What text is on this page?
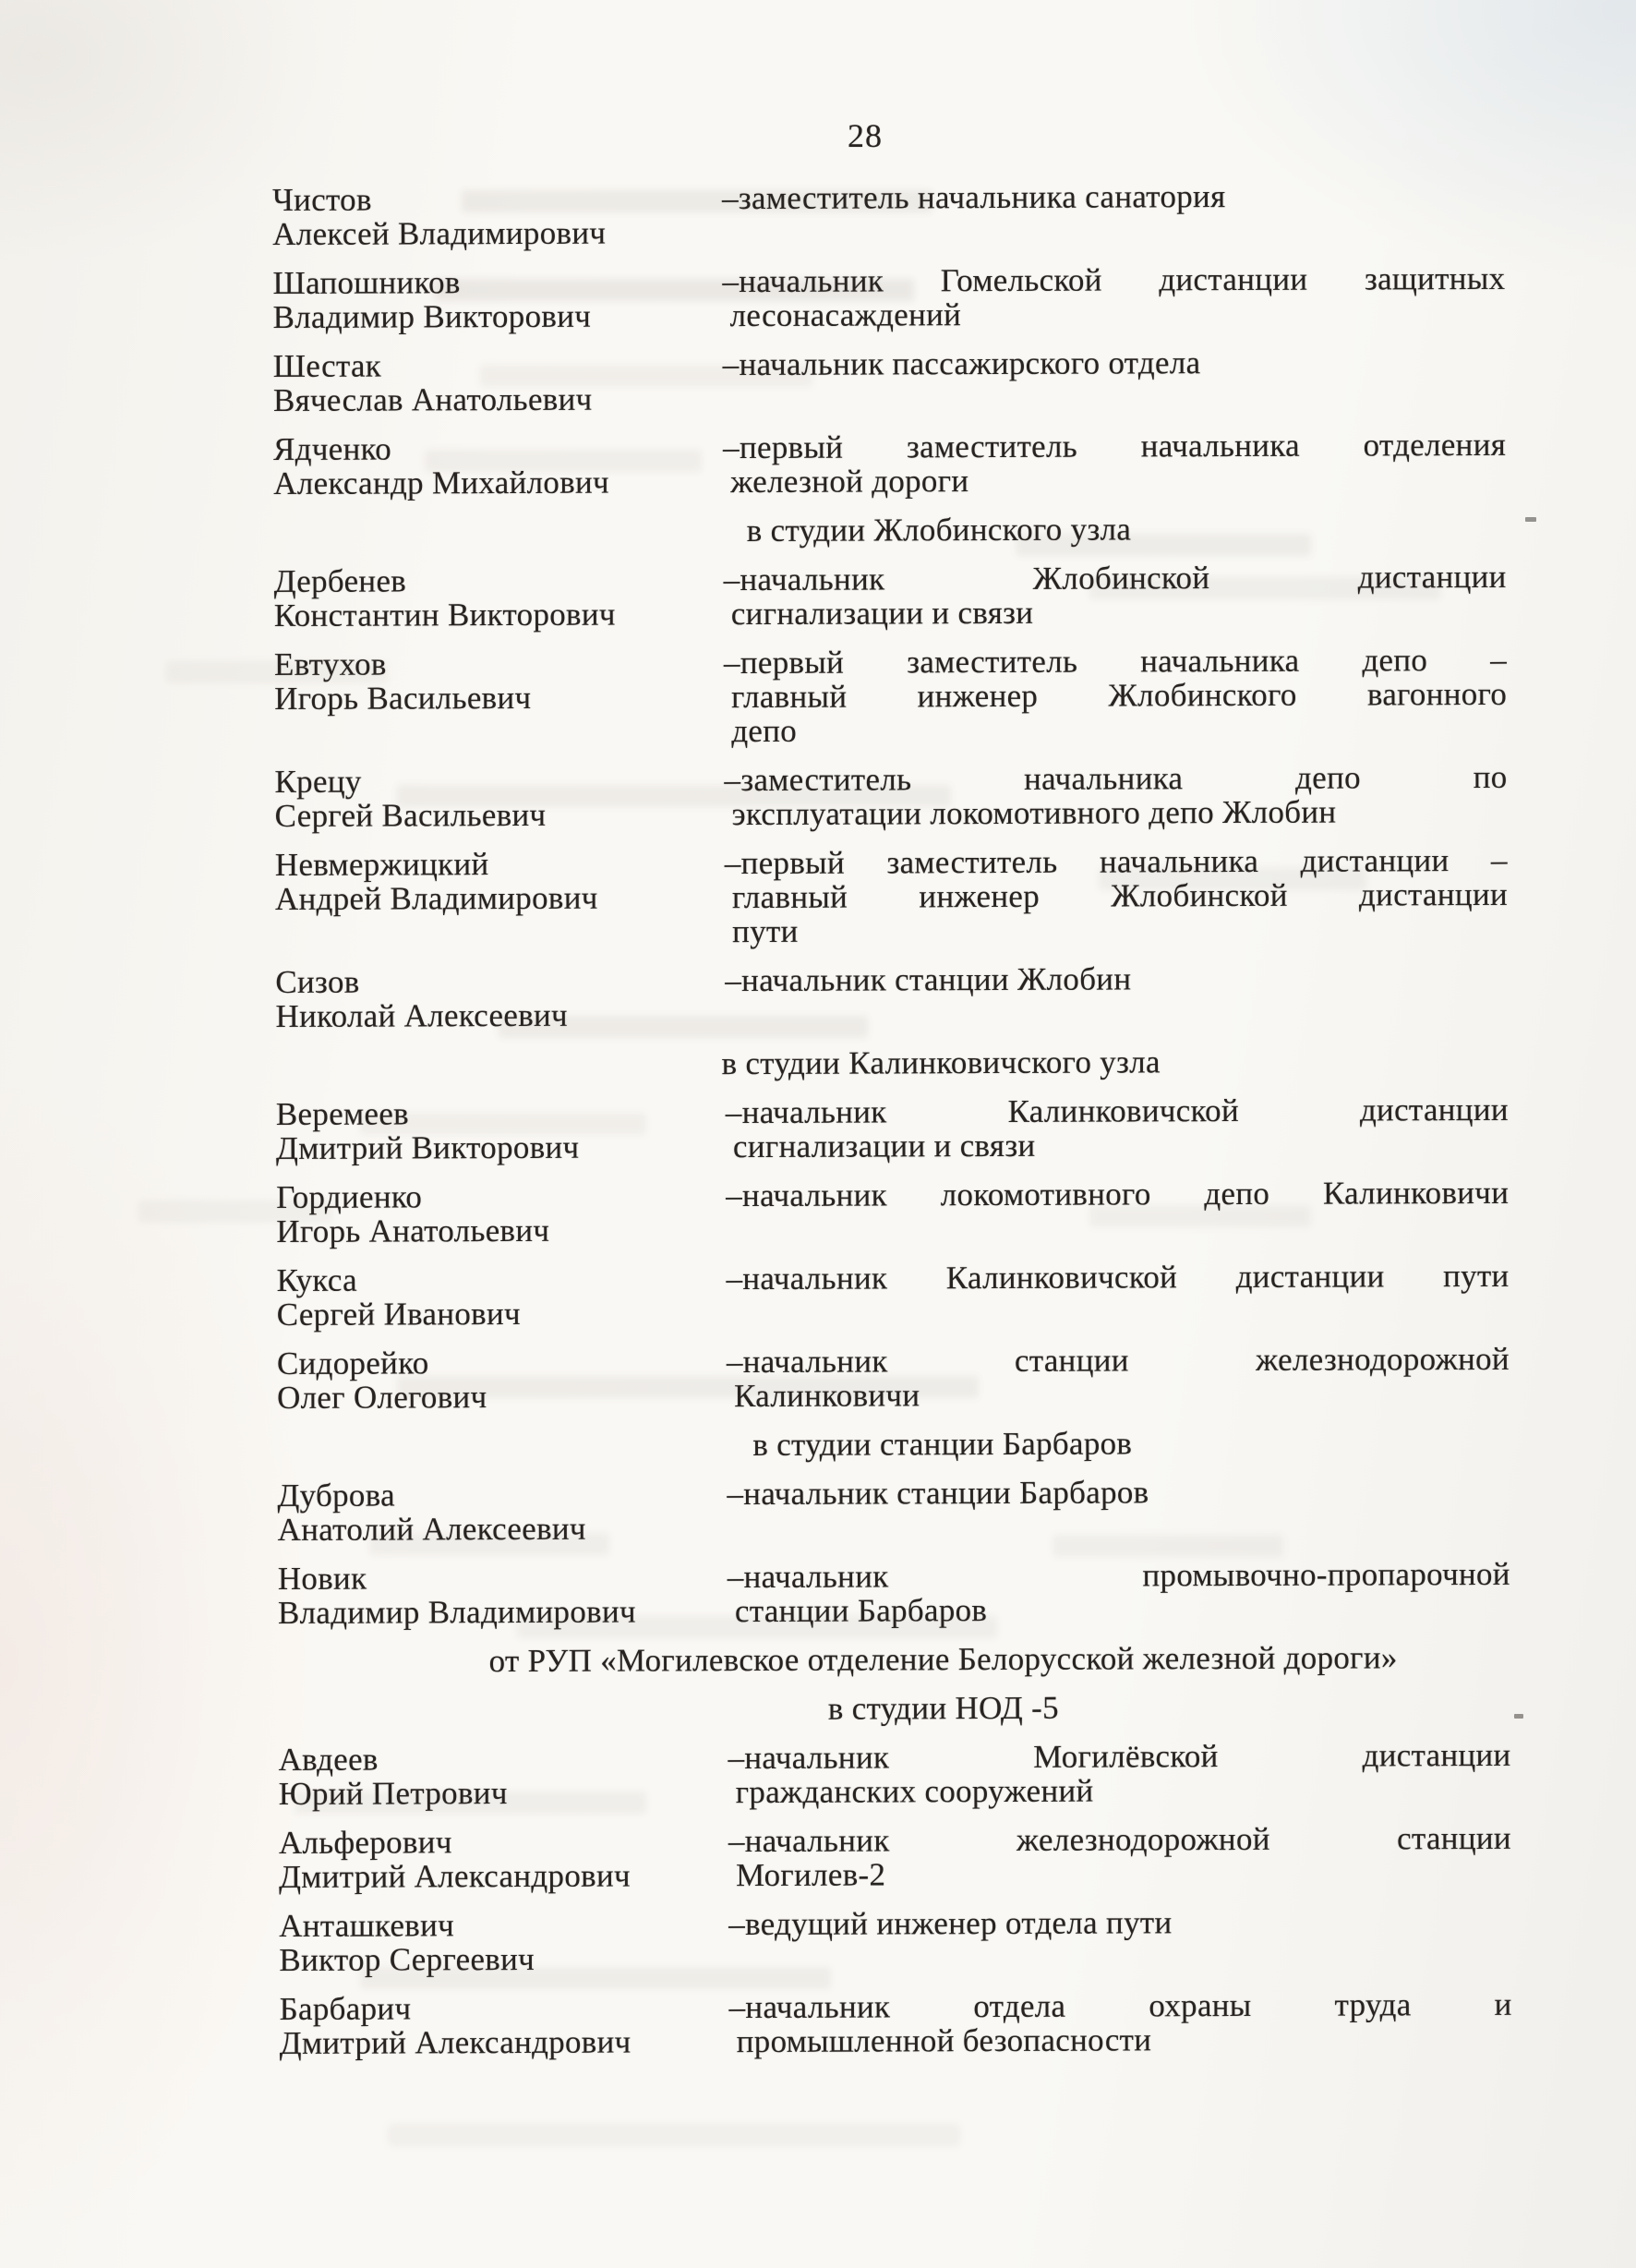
28
Чистов
Алексей Владимирович
–заместитель начальника санатория
Шапошников
Владимир Викторович
–начальник Гомельской дистанции защитных
лесонасаждений
Шестак
Вячеслав Анатольевич
–начальник пассажирского отдела
Ядченко
Александр Михайлович
–первый заместитель начальника отделения
железной дороги
в студии Жлобинского узла
Дербенев
Константин Викторович
–начальник Жлобинской дистанции
сигнализации и связи
Евтухов
Игорь Васильевич
–первый заместитель начальника депо –
главный инженер Жлобинского вагонного
депо
Крецу
Сергей Васильевич
–заместитель начальника депо по
эксплуатации локомотивного депо Жлобин
Невмержицкий
Андрей Владимирович
–первый заместитель начальника дистанции –
главный инженер Жлобинской дистанции
пути
Сизов
Николай Алексеевич
–начальник станции Жлобин
в студии Калинковичского узла
Веремеев
Дмитрий Викторович
–начальник Калинковичской дистанции
сигнализации и связи
Гордиенко
Игорь Анатольевич
–начальник локомотивного депо Калинковичи
Кукса
Сергей Иванович
–начальник Калинковичской дистанции пути
Сидорейко
Олег Олегович
–начальник станции железнодорожной
Калинковичи
в студии станции Барбаров
Дуброва
Анатолий Алексеевич
–начальник станции Барбаров
Новик
Владимир Владимирович
–начальник промывочно-пропарочной
станции Барбаров
от РУП «Могилевское отделение Белорусской железной дороги»
в студии НОД -5
Авдеев
Юрий Петрович
–начальник Могилёвской дистанции
гражданских сооружений
Альферович
Дмитрий Александрович
–начальник железнодорожной станции
Могилев-2
Анташкевич
Виктор Сергеевич
–ведущий инженер отдела пути
Барбарич
Дмитрий Александрович
–начальник отдела охраны труда и
промышленной безопасности
